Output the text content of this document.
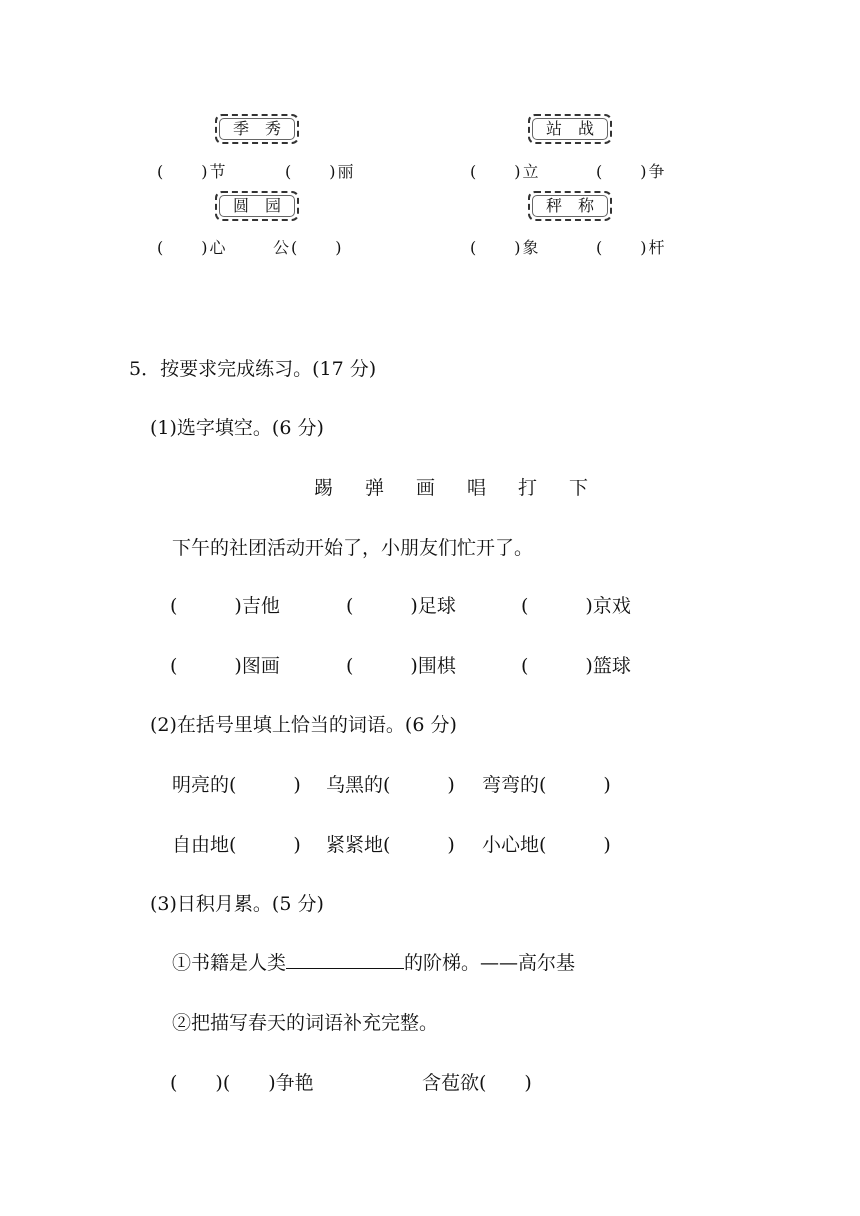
季秀	站战
圆园	秤称
(　　)节	(　　)丽	(　　)立	(　　)争
(　　)心	公(　　)	(　　)象	(　　)杆
5．按要求完成练习。(17 分)
(1)选字填空。(6 分)
踢 弹 画 唱 打 下
下午的社团活动开始了，小朋友们忙开了。
(　　　)吉他	(　　　)足球	(　　　)京戏
(　　　)图画	(　　　)围棋	(　　　)篮球
(2)在括号里填上恰当的词语。(6 分)
明亮的(　　　) 乌黑的(　　　) 弯弯的(　　　)
自由地(　　　) 紧紧地(　　　) 小心地(　　　)
(3)日积月累。(5 分)
①书籍是人类	的阶梯。——高尔基
②把描写春天的词语补充完整。
(　　)(　　)争艳	含苞欲(　　)
